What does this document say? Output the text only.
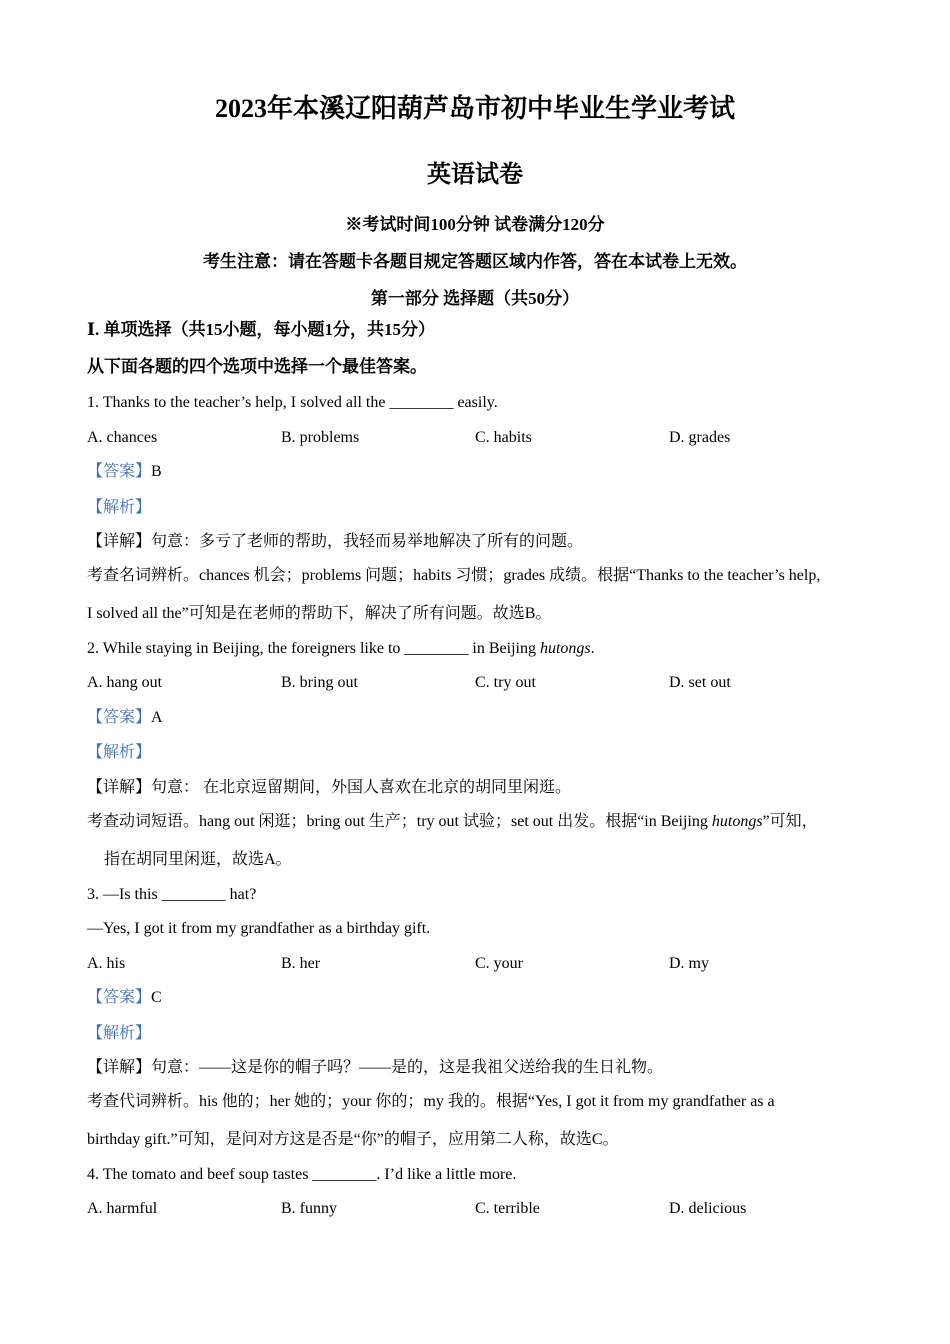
2023年本溪辽阳葫芦岛市初中毕业生学业考试
英语试卷
※考试时间100分钟 试卷满分120分
考生注意：请在答题卡各题目规定答题区域内作答，答在本试卷上无效。
第一部分 选择题（共50分）
Ⅰ. 单项选择（共15小题，每小题1分，共15分）
从下面各题的四个选项中选择一个最佳答案。
1. Thanks to the teacher’s help, I solved all the ________ easily.
A. chances	B. problems	C. habits	D. grades
【答案】B
【解析】
【详解】句意：多亏了老师的帮助，我轻而易举地解决了所有的问题。
考查名词辨析。chances 机会；problems 问题；habits 习惯；grades 成绩。根据“Thanks to the teacher’s help,
I solved all the”可知是在老师的帮助下，解决了所有问题。故选B。
2. While staying in Beijing, the foreigners like to ________ in Beijing hutongs.
A. hang out	B. bring out	C. try out	D. set out
【答案】A
【解析】
【详解】句意： 在北京逗留期间，外国人喜欢在北京的胡同里闲逛。
考查动词短语。hang out 闲逛；bring out 生产；try out 试验；set out 出发。根据“in Beijing hutongs”可知，
指在胡同里闲逛，故选A。
3. —Is this ________ hat?
—Yes, I got it from my grandfather as a birthday gift.
A. his	B. her	C. your	D. my
【答案】C
【解析】
【详解】句意：——这是你的帽子吗？——是的，这是我祖父送给我的生日礼物。
考查代词辨析。his 他的；her 她的；your 你的；my 我的。根据“Yes, I got it from my grandfather as a
birthday gift.”可知，是问对方这是否是“你”的帽子，应用第二人称，故选C。
4. The tomato and beef soup tastes ________. I’d like a little more.
A. harmful	B. funny	C. terrible	D. delicious
